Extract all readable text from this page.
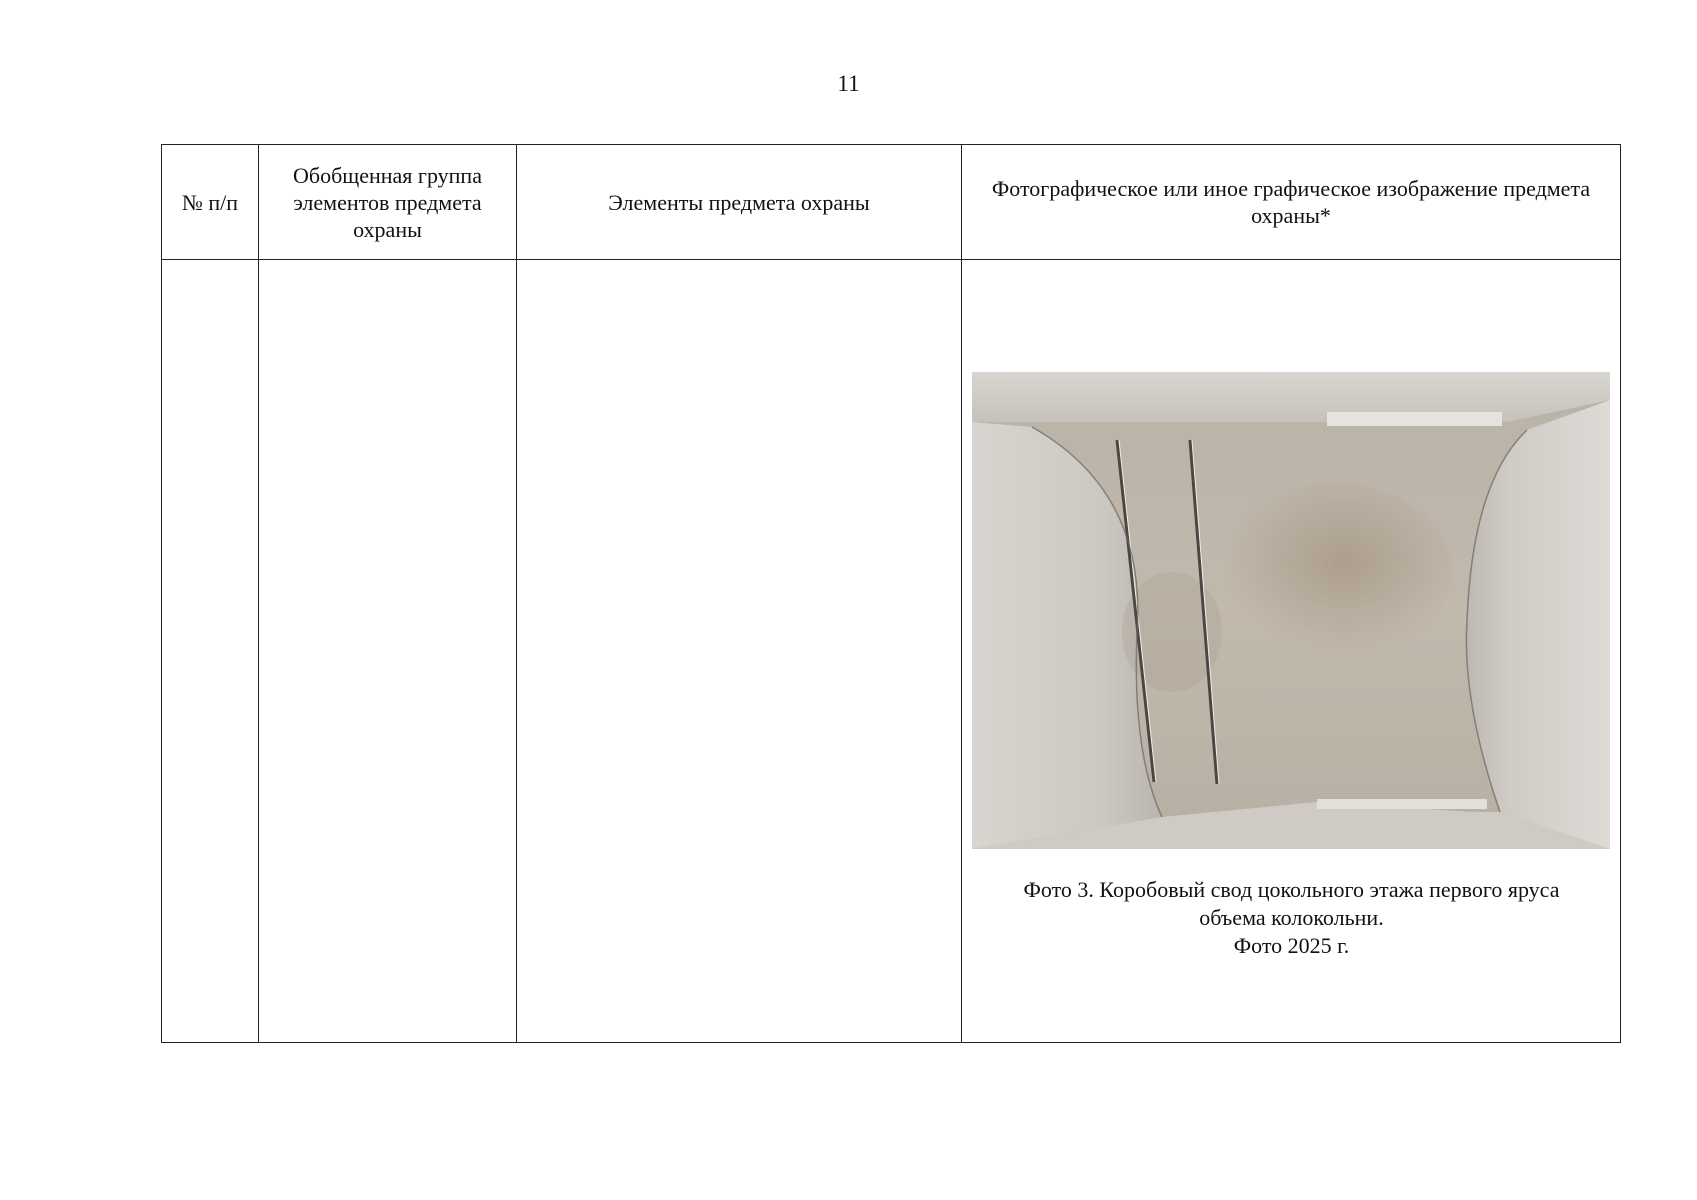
11
№ п/п	Обобщенная группа элементов предмета охраны	Элементы предмета охраны	Фотографическое или иное графическое изображение предмета охраны*

			Фото 3. Коробовый свод цокольного этажа первого яруса
объема колокольни.
Фото 2025 г.
